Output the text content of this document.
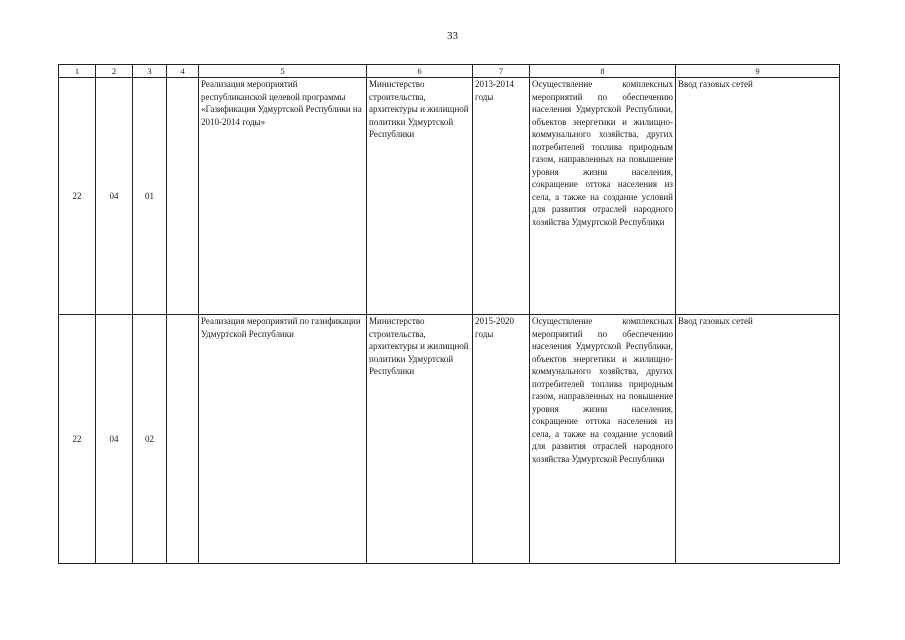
33
1	2	3	4	5	6	7	8	9
22	04	01		Реализация мероприятий республиканской целевой программы «Газификация Удмуртской Республики на 2010-2014 годы»	Министерство строительства, архитектуры и жилищной политики Удмуртской Республики	2013-2014 годы	Осуществление комплексных мероприятий по обеспечению населения Удмуртской Республики, объектов энергетики и жилищно-коммунального хозяйства, других потребителей топлива природным газом, направленных на повышение уровня жизни населения, сокращение оттока населения из села, а также на создание условий для развития отраслей народного хозяйства Удмуртской Республики	Ввод газовых сетей
22	04	02		Реализация мероприятий по газификации Удмуртской Республики	Министерство строительства, архитектуры и жилищной политики Удмуртской Республики	2015-2020 годы	Осуществление комплексных мероприятий по обеспечению населения Удмуртской Республики, объектов энергетики и жилищно-коммунального хозяйства, других потребителей топлива природным газом, направленных на повышение уровня жизни населения, сокращение оттока населения из села, а также на создание условий для развития отраслей народного хозяйства Удмуртской Республики	Ввод газовых сетей
